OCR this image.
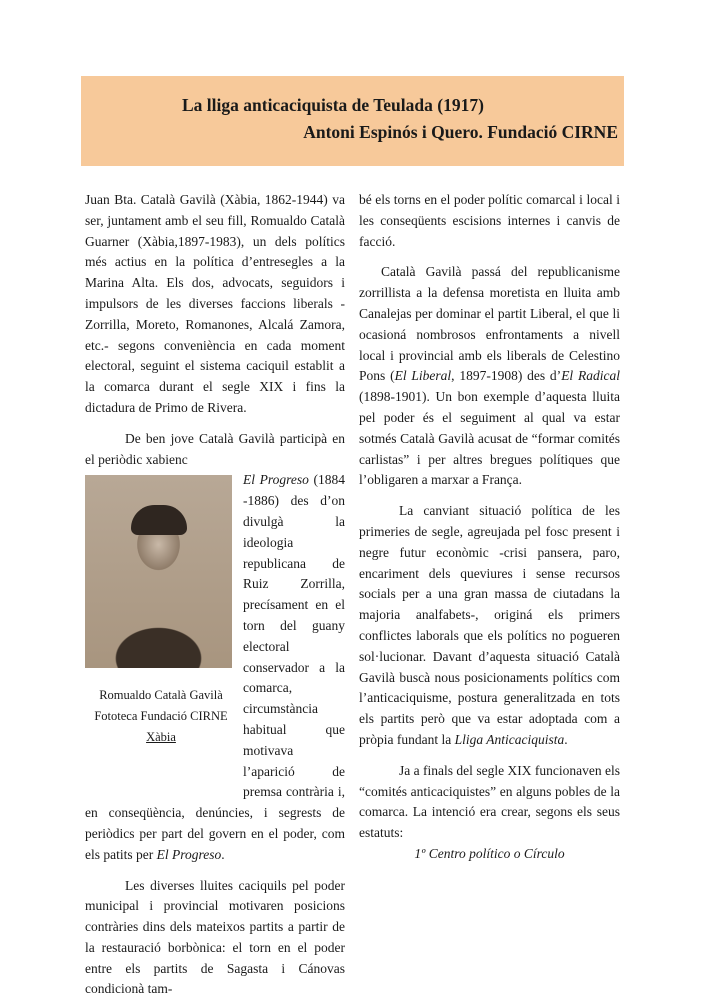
La lliga anticaciquista de Teulada (1917)
Antoni Espinós i Quero. Fundació CIRNE

Juan Bta. Català Gavilà (Xàbia, 1862-1944) va ser, juntament amb el seu fill, Romualdo Català Guarner (Xàbia,1897-1983), un dels polítics més actius en la política d’entresegles a la Marina Alta. Els dos, advocats, seguidors i impulsors de les diverses faccions liberals -Zorrilla, Moreto, Romanones, Alcalá Zamora, etc.- segons conveniència en cada moment electoral, seguint el sistema caciquil establit a la comarca durant el segle XIX i fins la dictadura de Primo de Rivera.

De ben jove Català Gavilà participà en el periòdic xabienc

Romualdo Català Gavilà
Fototeca Fundació CIRNE
Xàbia

El Progreso (1884 -1886) des d’on divulgà la ideologia republicana de Ruiz Zorrilla, precísament en el torn del guany electoral conservador a la comarca, circumstància habitual que motivava l’aparició de premsa contrària i, en conseqüència, denúncies, i segrests de periòdics per part del govern en el poder, com els patits per El Progreso.

Les diverses lluites caciquils pel poder municipal i provincial motivaren posicions contràries dins dels mateixos partits a partir de la restauració borbònica: el torn en el poder entre els partits de Sagasta i Cánovas condicionà tam-

bé els torns en el poder polític comarcal i local i les conseqüents escisions internes i canvis de facció.

Català Gavilà passá del republicanisme zorrillista a la defensa moretista en lluita amb Canalejas per dominar el partit Liberal, el que li ocasioná nombrosos enfrontaments a nivell local i provincial amb els liberals de Celestino Pons (El Liberal, 1897-1908) des d’El Radical (1898-1901). Un bon exemple d’aquesta lluita pel poder és el seguiment al qual va estar sotmés Català Gavilà acusat de “formar comités carlistas” i per altres bregues polítiques que l’obligaren a marxar a França.

La canviant situació política de les primeries de segle, agreujada pel fosc present i negre futur econòmic -crisi pansera, paro, encariment dels queviures i sense recursos socials per a una gran massa de ciutadans la majoria analfabets-, originá els primers conflictes laborals que els polítics no pogueren sol·lucionar. Davant d’aquesta situació Català Gavilà buscà nous posicionaments polítics com l’anticaciquisme, postura generalitzada en tots els partits però que va estar adoptada com a pròpia fundant la Lliga Anticaciquista.

Ja a finals del segle XIX funcionaven els “comités anticaciquistes” en alguns pobles de la comarca. La intenció era crear, segons els seus estatuts:

1º Centro político o Círculo
